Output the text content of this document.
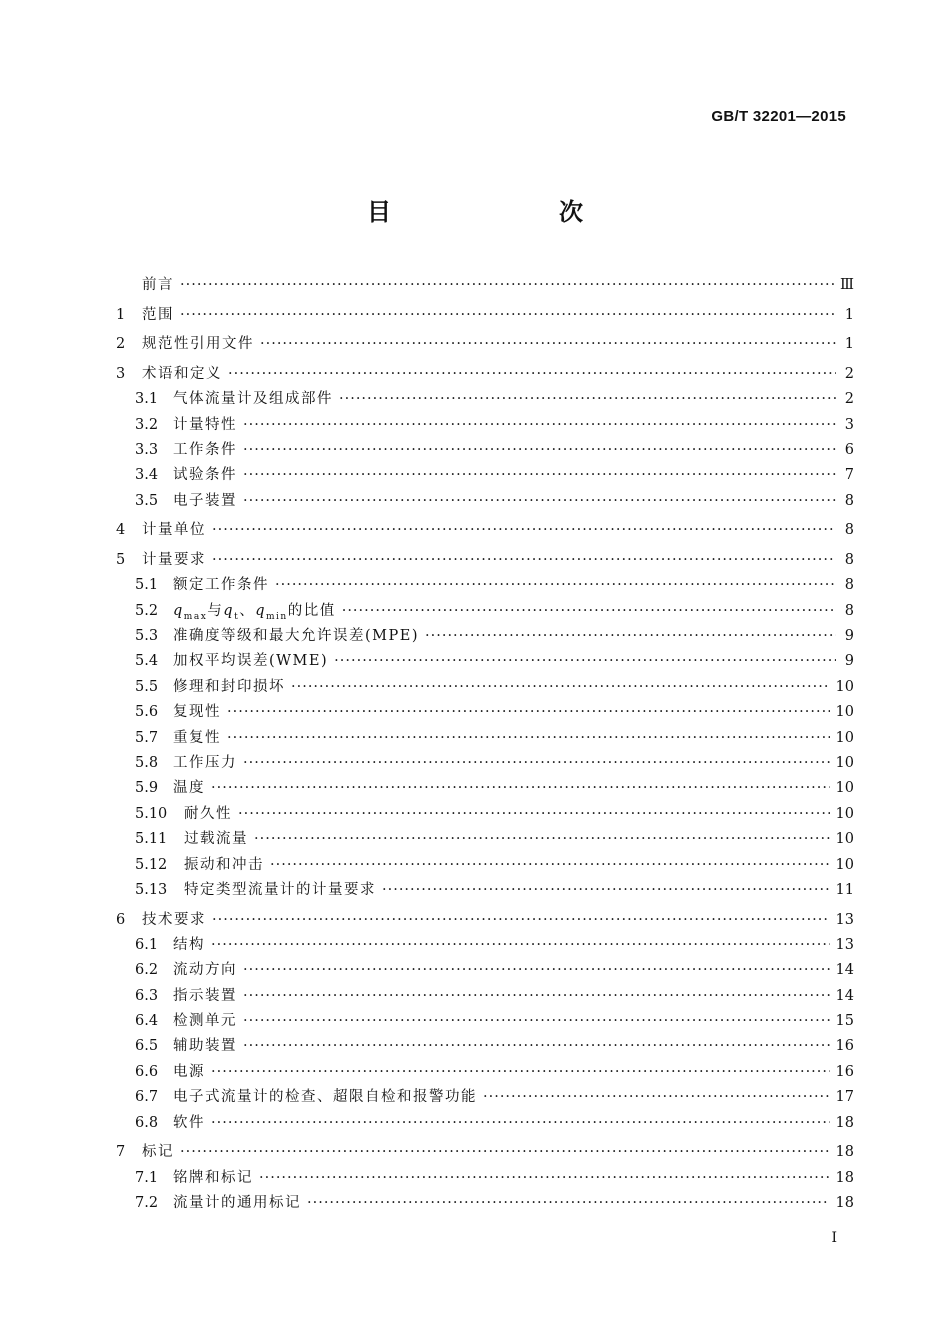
GB/T 32201—2015
目　　次
前言 ·····	Ⅲ
1	范围 ·····	1
2	规范性引用文件 ·····	1
3	术语和定义 ·····	2
3.1	气体流量计及组成部件 ·····	2
3.2	计量特性 ·····	3
3.3	工作条件 ·····	6
3.4	试验条件 ·····	7
3.5	电子装置 ·····	8
4	计量单位 ·····	8
5	计量要求 ·····	8
5.1	额定工作条件 ·····	8
5.2	$q_{max}$与$q_t$、$q_{min}$的比值 ·····	8
5.3	准确度等级和最大允许误差(MPE) ·····	9
5.4	加权平均误差(WME) ·····	9
5.5	修理和封印损坏 ·····	10
5.6	复现性 ·····	10
5.7	重复性 ·····	10
5.8	工作压力 ·····	10
5.9	温度 ·····	10
5.10	耐久性 ·····	10
5.11	过载流量 ·····	10
5.12	振动和冲击 ·····	10
5.13	特定类型流量计的计量要求 ·····	11
6	技术要求 ·····	13
6.1	结构 ·····	13
6.2	流动方向 ·····	14
6.3	指示装置 ·····	14
6.4	检测单元 ·····	15
6.5	辅助装置 ·····	16
6.6	电源 ·····	16
6.7	电子式流量计的检查、超限自检和报警功能 ·····	17
6.8	软件 ·····	18
7	标记 ·····	18
7.1	铭牌和标记 ·····	18
7.2	流量计的通用标记 ·····	18
I
